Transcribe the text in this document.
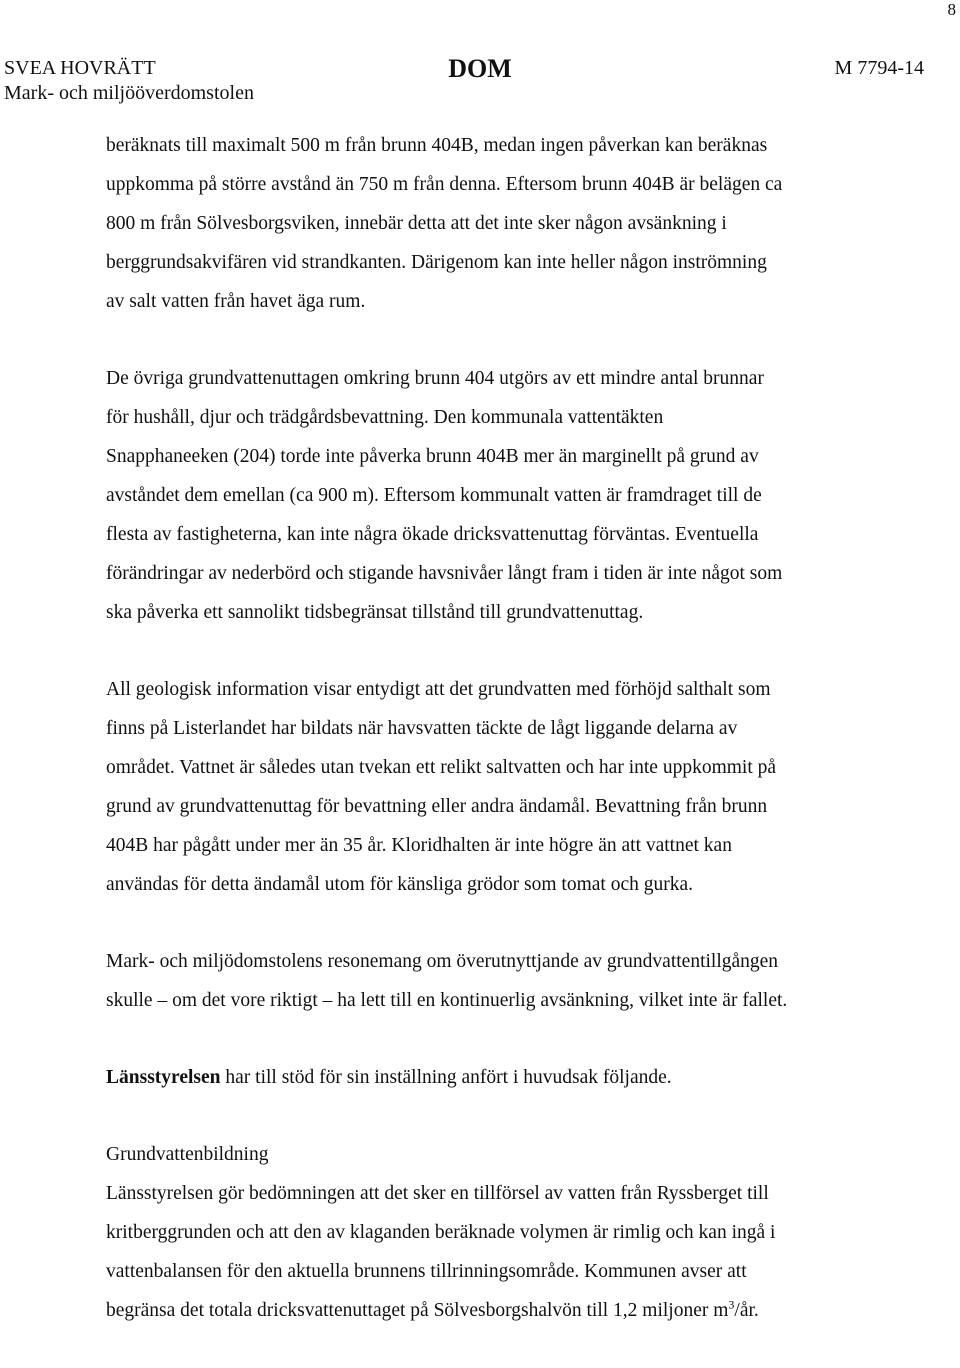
8
SVEA HOVRÄTT
Mark- och miljööverdomstolen
DOM	M 7794-14

beräknats till maximalt 500 m från brunn 404B, medan ingen påverkan kan beräknas
uppkomma på större avstånd än 750 m från denna. Eftersom brunn 404B är belägen ca
800 m från Sölvesborgsviken, innebär detta att det inte sker någon avsänkning i
berggrundsakvifären vid strandkanten. Därigenom kan inte heller någon inströmning
av salt vatten från havet äga rum.

De övriga grundvattenuttagen omkring brunn 404 utgörs av ett mindre antal brunnar
för hushåll, djur och trädgårdsbevattning. Den kommunala vattentäkten
Snapphaneeken (204) torde inte påverka brunn 404B mer än marginellt på grund av
avståndet dem emellan (ca 900 m). Eftersom kommunalt vatten är framdraget till de
flesta av fastigheterna, kan inte några ökade dricksvattenuttag förväntas. Eventuella
förändringar av nederbörd och stigande havsnivåer långt fram i tiden är inte något som
ska påverka ett sannolikt tidsbegränsat tillstånd till grundvattenuttag.

All geologisk information visar entydigt att det grundvatten med förhöjd salthalt som
finns på Listerlandet har bildats när havsvatten täckte de lågt liggande delarna av
området. Vattnet är således utan tvekan ett relikt saltvatten och har inte uppkommit på
grund av grundvattenuttag för bevattning eller andra ändamål. Bevattning från brunn
404B har pågått under mer än 35 år. Kloridhalten är inte högre än att vattnet kan
användas för detta ändamål utom för känsliga grödor som tomat och gurka.

Mark- och miljödomstolens resonemang om överutnyttjande av grundvattentillgången
skulle – om det vore riktigt – ha lett till en kontinuerlig avsänkning, vilket inte är fallet.

Länsstyrelsen har till stöd för sin inställning anfört i huvudsak följande.

Grundvattenbildning

Länsstyrelsen gör bedömningen att det sker en tillförsel av vatten från Ryssberget till
kritberggrunden och att den av klaganden beräknade volymen är rimlig och kan ingå i
vattenbalansen för den aktuella brunnens tillrinningsområde. Kommunen avser att
begränsa det totala dricksvattenuttaget på Sölvesborgshalvön till 1,2 miljoner $m^3/år$.
